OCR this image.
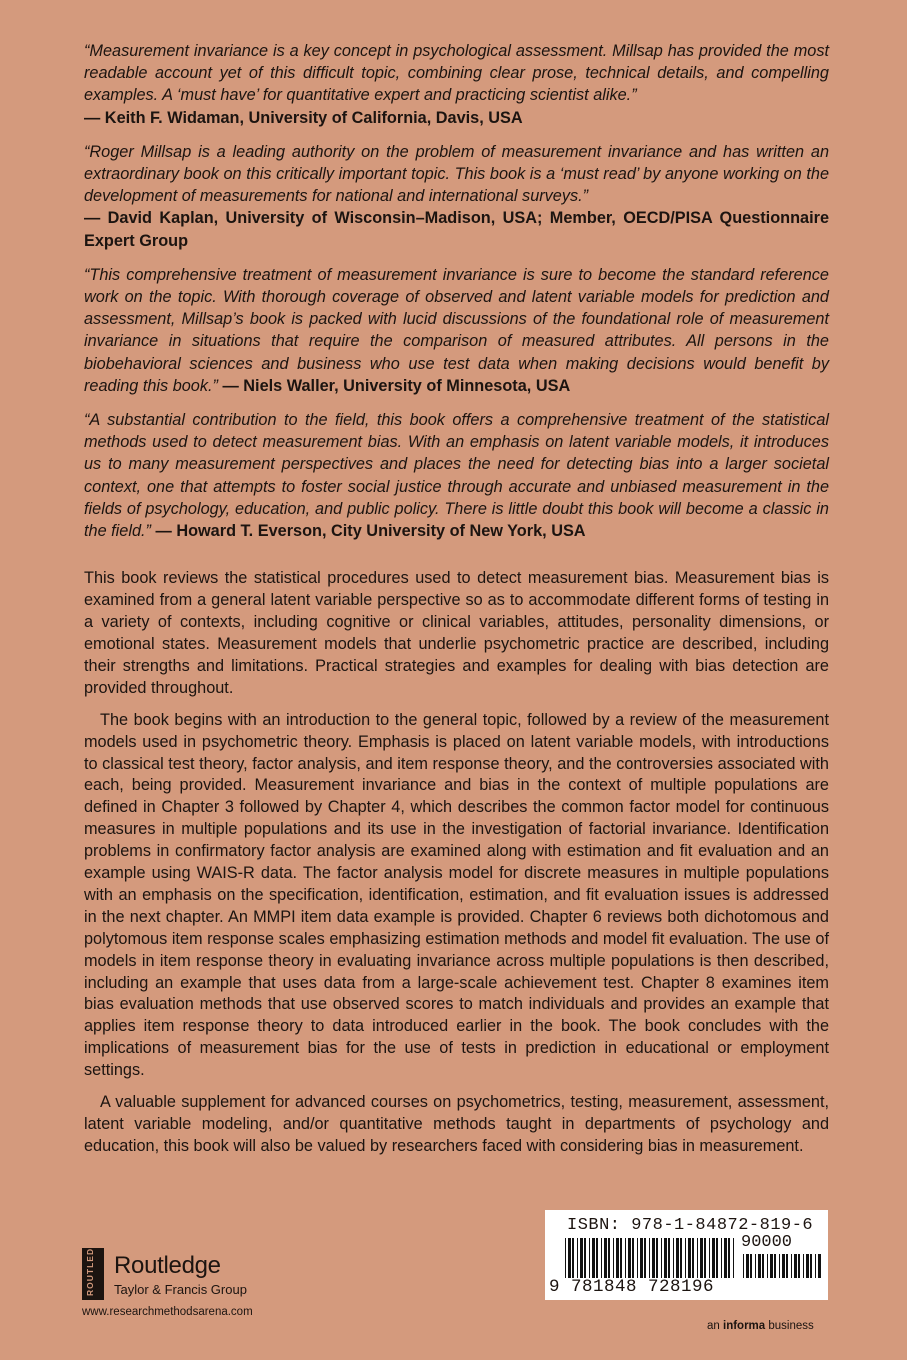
“Measurement invariance is a key concept in psychological assessment. Millsap has provided the most readable account yet of this difficult topic, combining clear prose, technical details, and compelling examples. A ‘must have’ for quantitative expert and practicing scientist alike.”
— Keith F. Widaman, University of California, Davis, USA

“Roger Millsap is a leading authority on the problem of measurement invariance and has written an extraordinary book on this critically important topic. This book is a ‘must read’ by anyone working on the development of measurements for national and international surveys.”
— David Kaplan, University of Wisconsin–Madison, USA; Member, OECD/PISA Questionnaire Expert Group

“This comprehensive treatment of measurement invariance is sure to become the standard reference work on the topic. With thorough coverage of observed and latent variable models for prediction and assessment, Millsap’s book is packed with lucid discussions of the foundational role of measurement invariance in situations that require the comparison of measured attributes. All persons in the biobehavioral sciences and business who use test data when making decisions would benefit by reading this book.” — Niels Waller, University of Minnesota, USA

“A substantial contribution to the field, this book offers a comprehensive treatment of the statistical methods used to detect measurement bias. With an emphasis on latent variable models, it introduces us to many measurement perspectives and places the need for detecting bias into a larger societal context, one that attempts to foster social justice through accurate and unbiased measurement in the fields of psychology, education, and public policy. There is little doubt this book will become a classic in the field.” — Howard T. Everson, City University of New York, USA

This book reviews the statistical procedures used to detect measurement bias. Measurement bias is examined from a general latent variable perspective so as to accommodate different forms of testing in a variety of contexts, including cognitive or clinical variables, attitudes, personality dimensions, or emotional states. Measurement models that underlie psychometric practice are described, including their strengths and limitations. Practical strategies and examples for dealing with bias detection are provided throughout.

The book begins with an introduction to the general topic, followed by a review of the measurement models used in psychometric theory. Emphasis is placed on latent variable models, with introductions to classical test theory, factor analysis, and item response theory, and the controversies associated with each, being provided. Measurement invariance and bias in the context of multiple populations are defined in Chapter 3 followed by Chapter 4, which describes the common factor model for continuous measures in multiple populations and its use in the investigation of factorial invariance. Identification problems in confirmatory factor analysis are examined along with estimation and fit evaluation and an example using WAIS-R data. The factor analysis model for discrete measures in multiple populations with an emphasis on the specification, identification, estimation, and fit evaluation issues is addressed in the next chapter. An MMPI item data example is provided. Chapter 6 reviews both dichotomous and polytomous item response scales emphasizing estimation methods and model fit evaluation. The use of models in item response theory in evaluating invariance across multiple populations is then described, including an example that uses data from a large-scale achievement test. Chapter 8 examines item bias evaluation methods that use observed scores to match individuals and provides an example that applies item response theory to data introduced earlier in the book. The book concludes with the implications of measurement bias for the use of tests in prediction in educational or employment settings.

A valuable supplement for advanced courses on psychometrics, testing, measurement, assessment, latent variable modeling, and/or quantitative methods taught in departments of psychology and education, this book will also be valued by researchers faced with considering bias in measurement.

ISBN: 978-1-84872-819-6
90000
9 781848 728196
ROUTLEDGE Routledge
Taylor & Francis Group
www.researchmethodsarena.com
an informa business
